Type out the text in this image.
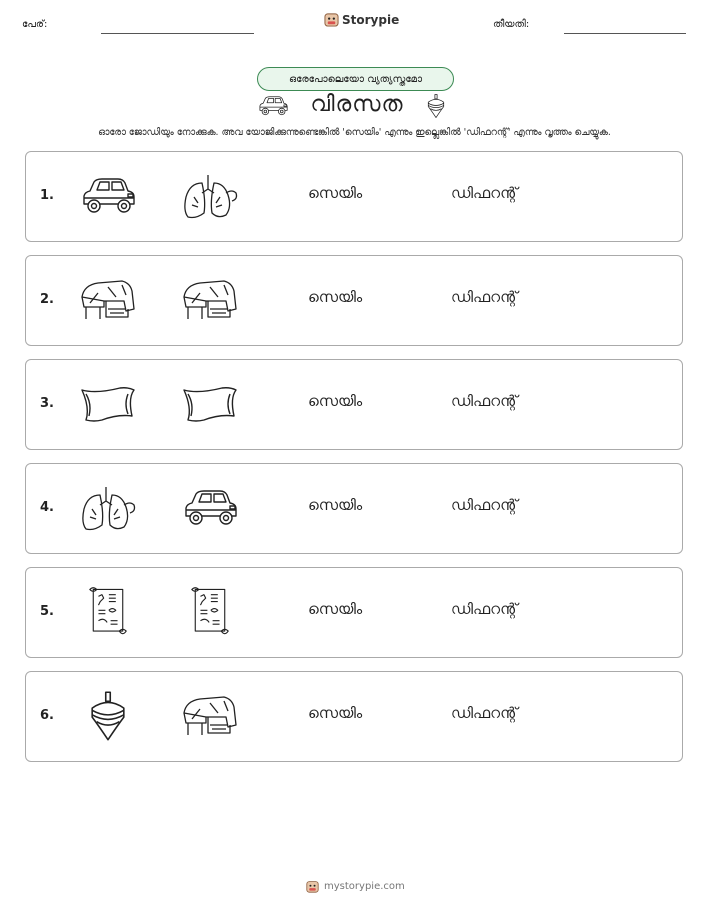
പേര്:	Storypie	തീയതി:
ഒരേപോലെയോ വ്യത്യസ്തമോ
വിരസത
ഓരോ ജോഡിയും നോക്കുക. അവ യോജിക്കുന്നുണ്ടെങ്കിൽ 'സെയിം' എന്നും ഇല്ലെങ്കിൽ 'ഡിഫറന്റ്' എന്നും വൃത്തം ചെയ്യുക.
1.	സെയിം	ഡിഫറന്റ്
2.	സെയിം	ഡിഫറന്റ്
3.	സെയിം	ഡിഫറന്റ്
4.	സെയിം	ഡിഫറന്റ്
5.	സെയിം	ഡിഫറന്റ്
6.	സെയിം	ഡിഫറന്റ്
mystorypie.com
